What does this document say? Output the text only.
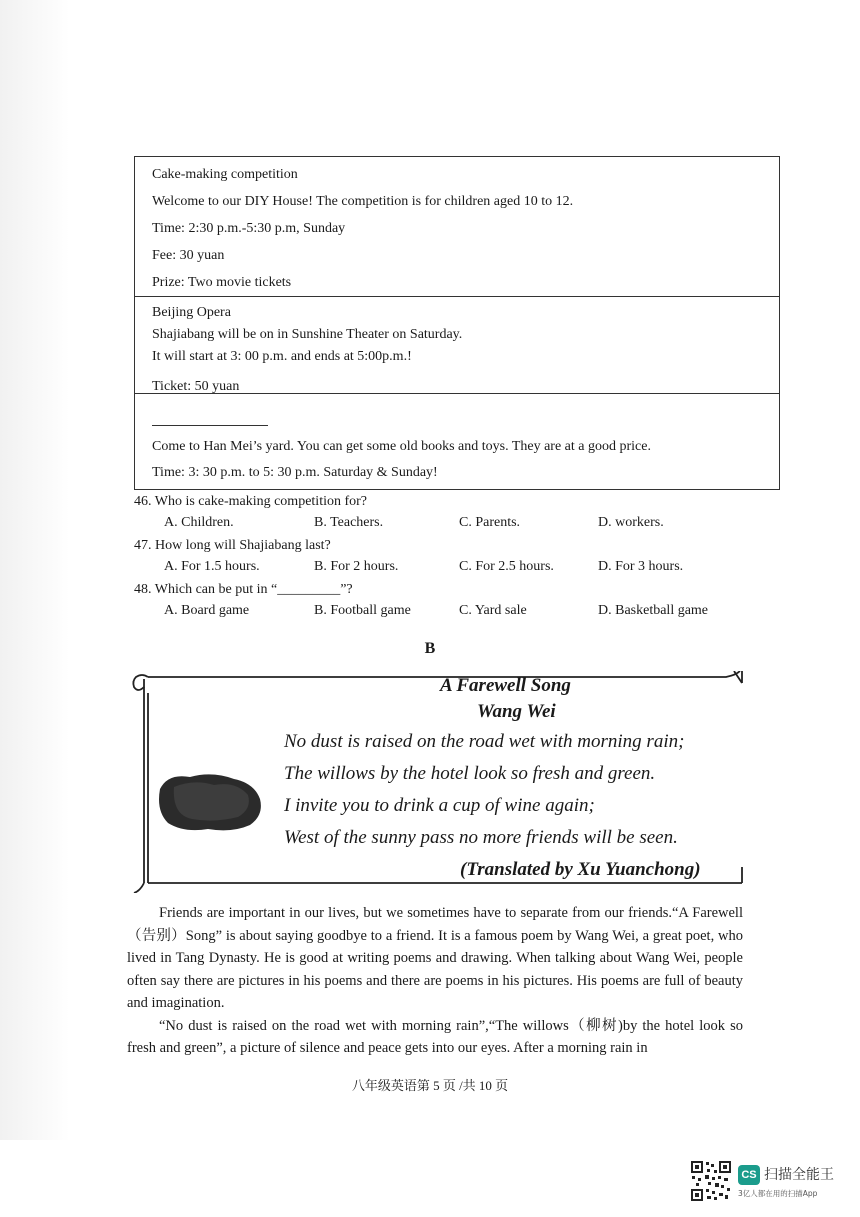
Cake-making competition
Welcome to our DIY House! The competition is for children aged 10 to 12.
Time: 2:30 p.m.-5:30 p.m, Sunday
Fee: 30 yuan
Prize: Two movie tickets
Beijing Opera
Shajiabang will be on in Sunshine Theater on Saturday.
It will start at 3: 00 p.m. and ends at 5:00p.m.!
Ticket: 50 yuan
Come to Han Mei’s yard. You can get some old books and toys. They are at a good price.
Time: 3: 30 p.m. to 5: 30 p.m. Saturday & Sunday!
46. Who is cake-making competition for?
A. Children.	B. Teachers.	C. Parents.	D. workers.
47. How long will Shajiabang last?
A. For 1.5 hours.	B. For 2 hours.	C. For 2.5 hours.	D. For 3 hours.
48. Which can be put in “_________”?
A. Board game	B. Football game	C. Yard sale	D. Basketball game
B
A Farewell Song
Wang Wei
No dust is raised on the road wet with morning rain;
The willows by the hotel look so fresh and green.
I invite you to drink a cup of wine again;
West of the sunny pass no more friends will be seen.
(Translated by Xu Yuanchong)

Friends are important in our lives, but we sometimes have to separate from our friends.“A Farewell（告别）Song” is about saying goodbye to a friend. It is a famous poem by Wang Wei, a great poet, who lived in Tang Dynasty. He is good at writing poems and drawing. When talking about Wang Wei, people often say there are pictures in his poems and there are poems in his pictures. His poems are full of beauty and imagination.

“No dust is raised on the road wet with morning rain”,“The willows（柳树)by the hotel look so fresh and green”, a picture of silence and peace gets into our eyes. After a morning rain in

八年级英语第 5 页 /共 10 页
CS 扫描全能王
3亿人都在用的扫描App
